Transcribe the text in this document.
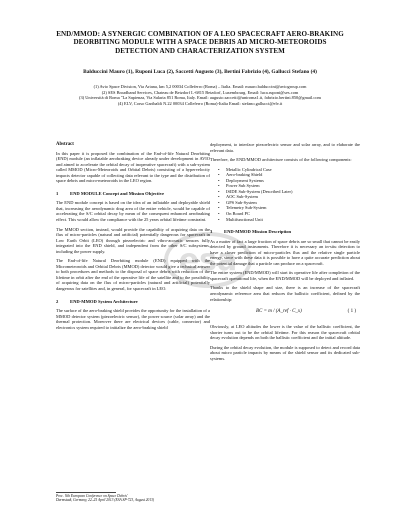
END/MMOD: A SYNERGIC COMBINATION OF A LEO SPACECRAFT AERO-BRAKING DEORBITING MODULE WITH A SPACE DEBRIS AD MICRO-METEOROIDS DETECTION AND CHARACTERIZATION SYSTEM
Balduccini Mauro (1), Ruponi Luca (2), Saccetti Augusto (3), Bertini Fabrizio (4), Gallucci Stefano (4)
(1) Avio Space Division, Via Ariana, km 5,2 00034 Colleferro (Roma) – Italia. Email: mauro.balduccini@aviogroup.com
(2) SES Broadband Services, Chateau de Betzdorf L-6815 Betzdorf, Luxembourg. Email: luca.ruponi@ses.com
(3) Università di Roma "La Sapienza, Via Salaria 851 Roma, Italy. Email: augusto.saccetti@uniroma1.it, fabrizio.bertini.850@gmail.com
(4) ELV, Corso Garibaldi N.22 00034 Colleferro (Roma)-Italia Email: stefano.gallucci@elv.it
esa
Abstract

In this paper it is proposed the combination of the End-of-life Natural Deorbiting (END) module (an inflatable aerobraking device already under development in AVIO and aimed to accelerate the orbital decay of inoperative spacecraft) with a sub-system called MMOD (Micro-Meteoroids and Orbital Debris) consisting of a hypervelocity impacts detector capable of collecting data relevant to the type and the distribution of space debris and micro-meteoroids in the LEO region.

1	END MODULE Concept and Mission Objective

The END module concept is based on the idea of an inflatable and deployable shield that, increasing the aerodynamic drag area of the entire vehicle, would be capable of accelerating the S/C orbital decay by mean of the consequent enhanced aerobraking effect. This would allow the compliance with the 25 years orbital lifetime constraint.

The MMOD section, instead, would provide the capability of acquiring data on the flux of micro-particles (natural and artificial) potentially dangerous for spacecraft in Low Earth Orbit (LEO) through piezoelectric and vibro-acoustic sensors fully integrated into the END shield, and independent from the other S/C subsystems, including the power supply.

The End-of-life Natural Deorbiting module (END) equipped with the Micrometeoroids and Orbital Debris (MMOD) detector would give a technical answer to both procedures and methods to the disposal of space debris with reduction of the lifetime in orbit after the end of the operative life of the satellite and to the possibility of acquiring data on the flux of micro-particles (natural and artificial) potentially dangerous for satellites and, in general, for spacecraft in LEO.

2	END-MMOD System Architecture

The surface of the aero-braking shield provides the opportunity for the installation of a MMOD detector system (piezoelectric sensor), the power source (solar array) and the thermal protection. Moreover there are electrical devices (cable, connector) and electronics system required to initialize the aero-braking shield

deployment, to interface piezoelectric sensor and solar array, and to elaborate the relevant data.

Therefore, the END/MMOD architecture consists of the following components:

• Metallic Cylindrical Case
• Aero-braking Shield
• Deployment Systems
• Power Sub System
• ISIDE Sub-System (Described Later)
• AOC Sub-System
• GPS Sub-System
• Telemetry Sub-System
• On Board PC
• Multifunctional Unit
3	END-MMOD Mission Description

As a matter of fact a large fraction of space debris are so small that cannot be easily detected by ground instruments. Therefore it is necessary an in-situ detection to have a closer prediction of micro-particles flux and the relative single particle energy, since with these data it is possible to have a quite accurate prediction about the potential damage that a particle can produce on a spacecraft.

The entire system (END/MMOD) will start its operative life after completion of the spacecraft operational life, when the END/MMOD will be deployed and inflated.

Thanks to the shield shape and size, there is an increase of the spacecraft aerodynamic reference area that reduces the ballistic coefficient, defined by the relationship:

BC = m / (A_ref · C_x)	( 1 )

Obviously, at LEO altitudes the lower is the value of the ballistic coefficient, the shorter turns out to be the orbital lifetime. For this reason the spacecraft orbital decay evolution depends on both the ballistic coefficient and the initial altitude.

During the orbital decay evolution, the module is supposed to detect and record data about micro particle impacts by means of the shield sensor and its dedicated sub-systems.

Proc. '6th European Conference on Space Debris'
Darmstadt, Germany, 22–25 April 2013 (ESA SP-723, August 2013)
